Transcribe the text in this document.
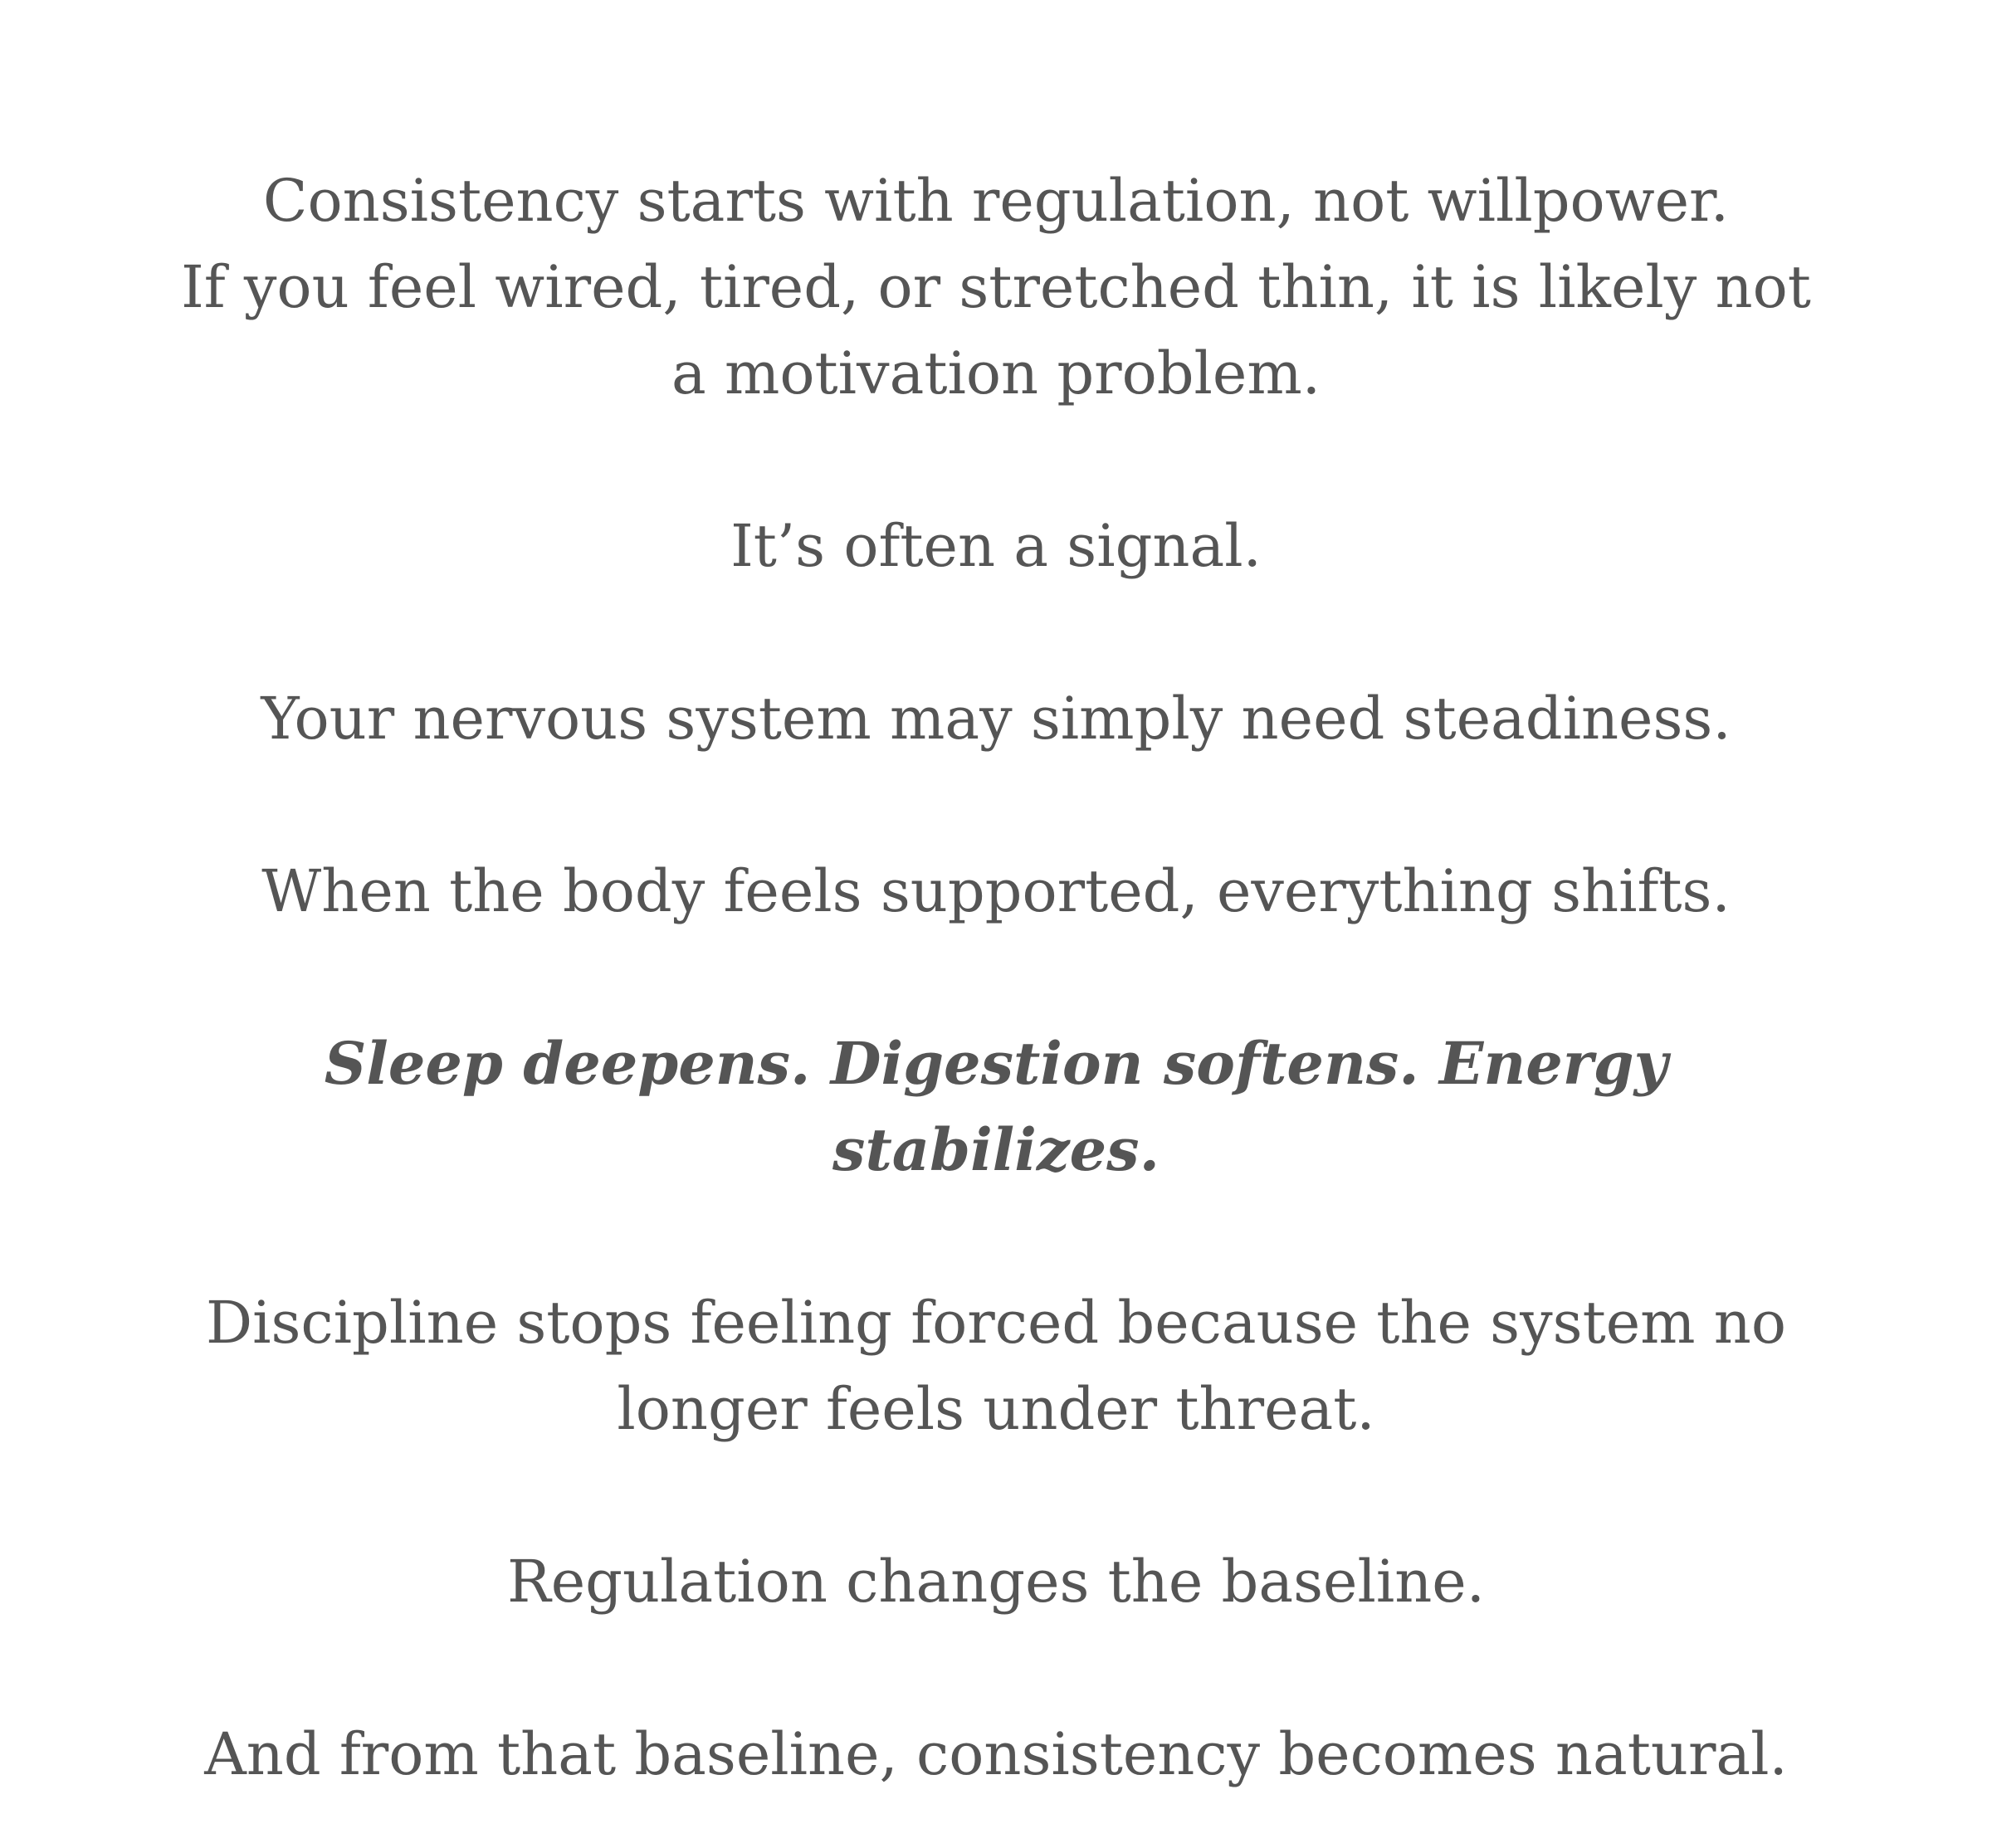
Consistency starts with regulation, not willpower.

If you feel wired, tired, or stretched thin, it is likely not a motivation problem.

It’s often a signal.

Your nervous system may simply need steadiness.

When the body feels supported, everything shifts.

Sleep deepens. Digestion softens. Energy stabilizes.

Discipline stops feeling forced because the system no longer feels under threat.

Regulation changes the baseline.

And from that baseline, consistency becomes natural.
